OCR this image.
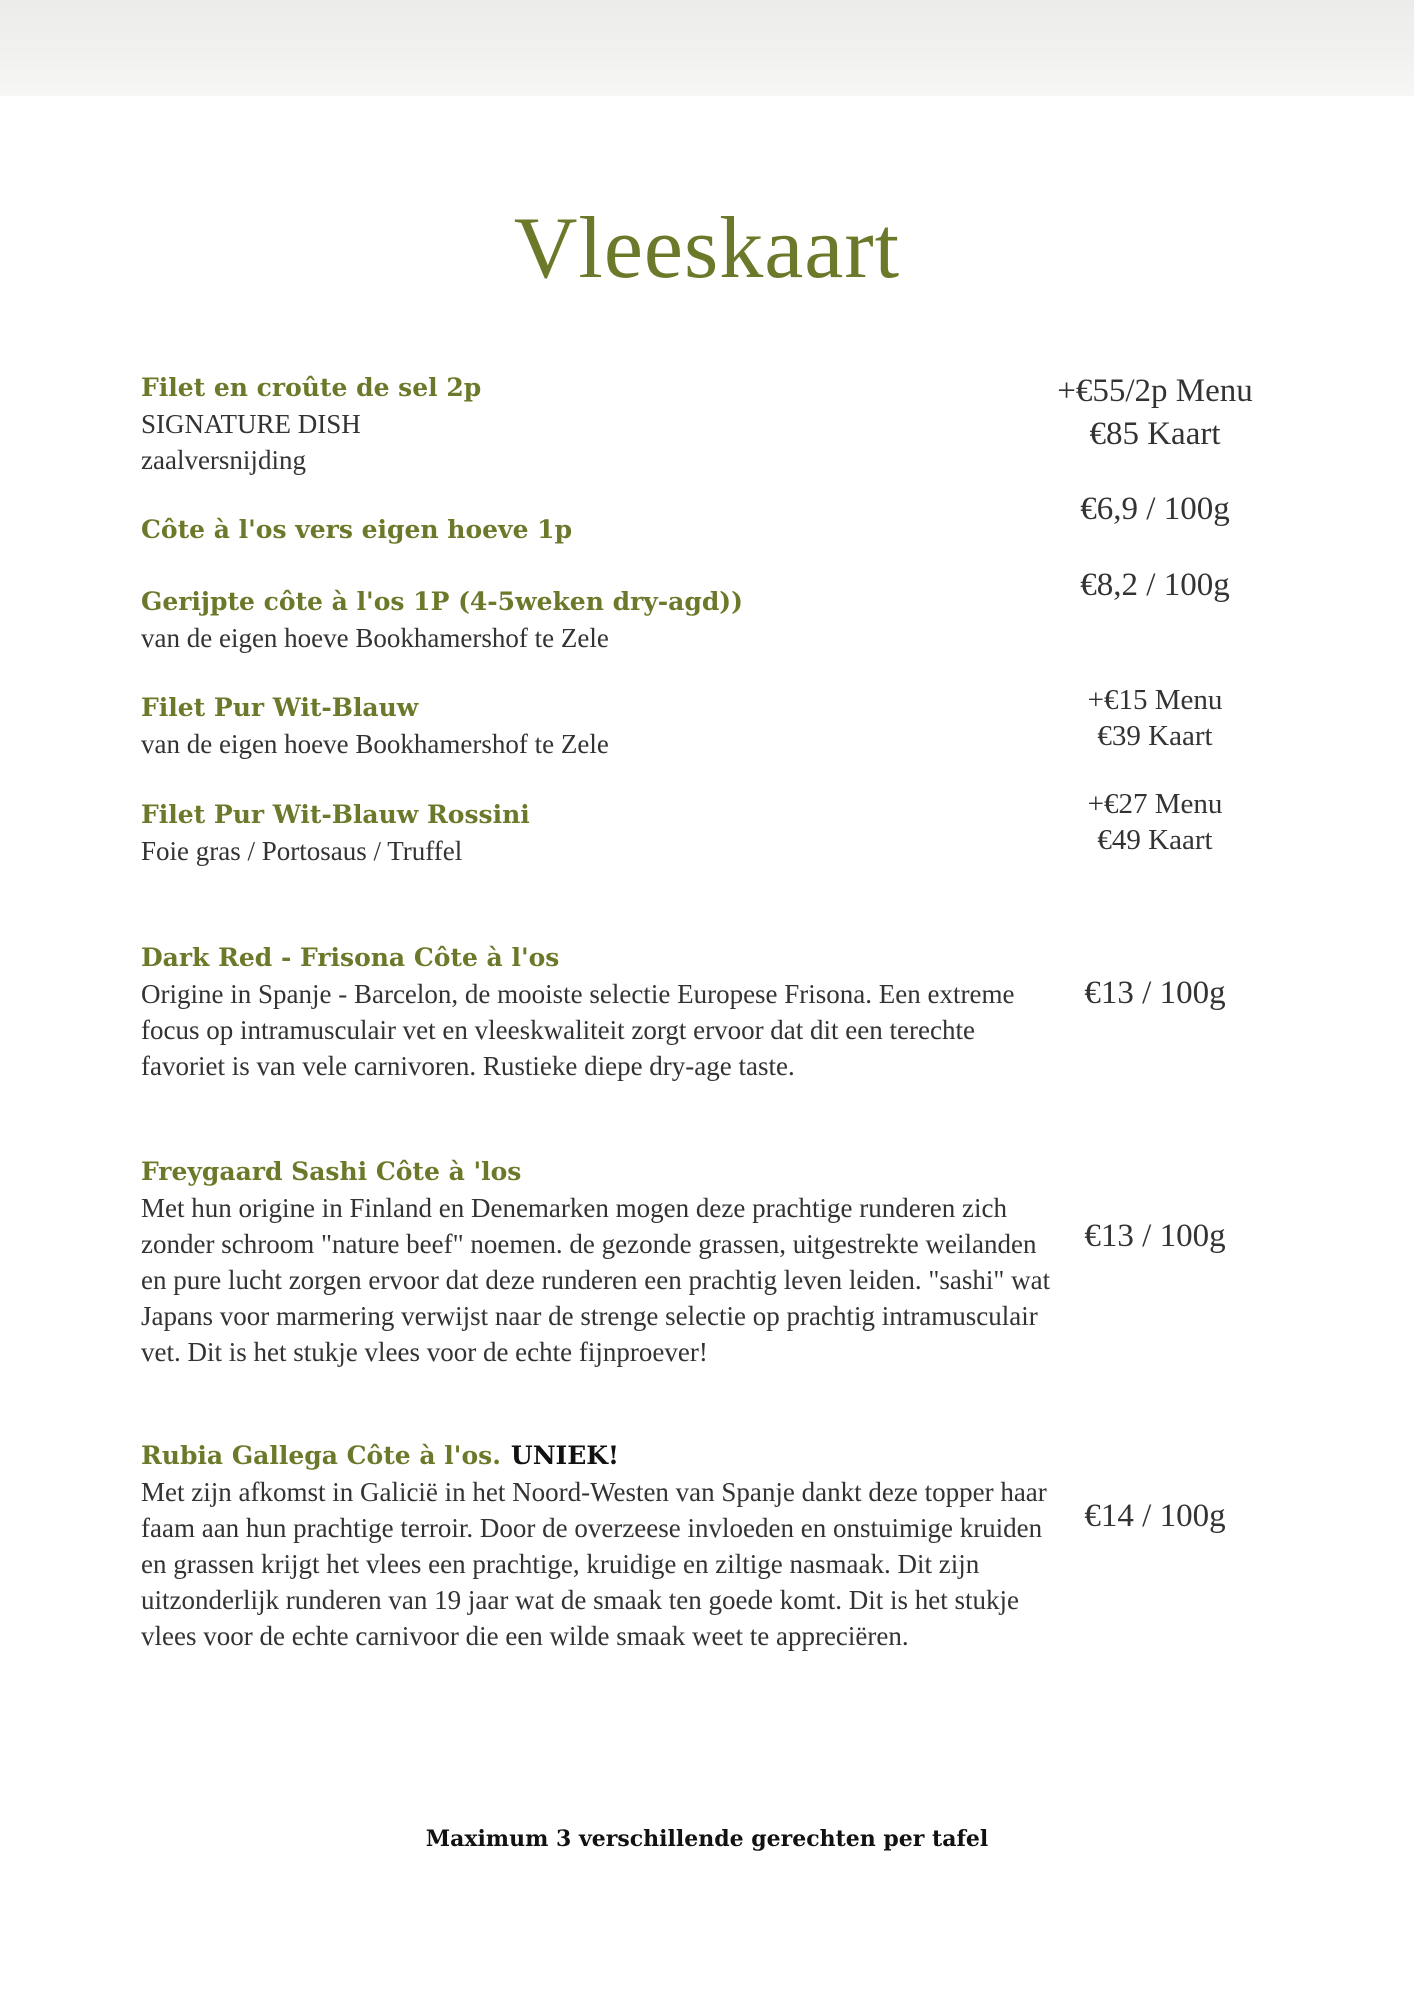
Vleeskaart
Filet en croûte de sel 2p
SIGNATURE DISH
zaalversnijding
+€55/2p Menu
€85 Kaart
Côte à l'os vers eigen hoeve 1p
€6,9 / 100g
Gerijpte côte à l'os 1P (4-5weken dry-agd))
van de eigen hoeve Bookhamershof te Zele
€8,2 / 100g
Filet Pur Wit-Blauw
van de eigen hoeve Bookhamershof te Zele
+€15 Menu
€39 Kaart
Filet Pur Wit-Blauw Rossini
Foie gras / Portosaus / Truffel
+€27 Menu
€49 Kaart
Dark Red - Frisona Côte à l'os
Origine in Spanje - Barcelon, de mooiste selectie Europese Frisona. Een extreme focus op intramusculair vet en vleeskwaliteit zorgt ervoor dat dit een terechte favoriet is van vele carnivoren. Rustieke diepe dry-age taste.
€13 / 100g
Freygaard Sashi Côte à 'los
Met hun origine in Finland en Denemarken mogen deze prachtige runderen zich zonder schroom "nature beef" noemen. de gezonde grassen, uitgestrekte weilanden en pure lucht zorgen ervoor dat deze runderen een prachtig leven leiden. "sashi" wat Japans voor marmering verwijst naar de strenge selectie op prachtig intramusculair vet. Dit is het stukje vlees voor de echte fijnproever!
€13 / 100g
Rubia Gallega Côte à l'os. UNIEK!
Met zijn afkomst in Galicië in het Noord-Westen van Spanje dankt deze topper haar faam aan hun prachtige terroir. Door de overzeese invloeden en onstuimige kruiden en grassen krijgt het vlees een prachtige, kruidige en ziltige nasmaak. Dit zijn uitzonderlijk runderen van 19 jaar wat de smaak ten goede komt. Dit is het stukje vlees voor de echte carnivoor die een wilde smaak weet te appreciëren.
€14 / 100g
Maximum 3 verschillende gerechten per tafel
